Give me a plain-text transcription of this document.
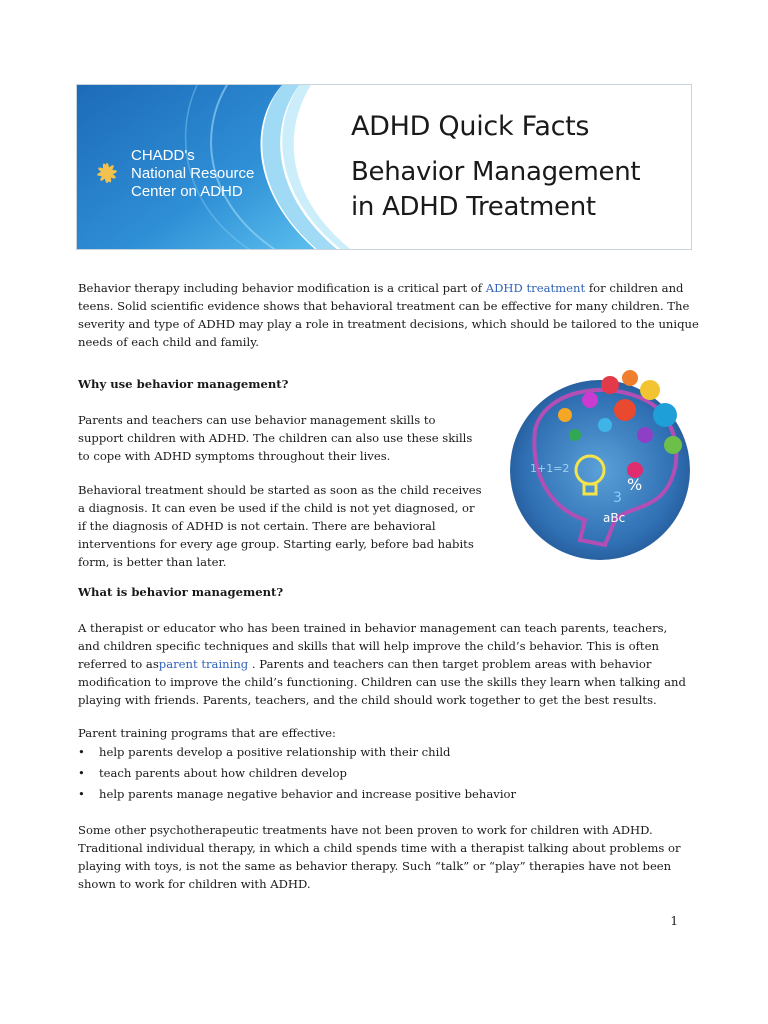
CHADD's
National Resource
Center on ADHD
ADHD Quick Facts
Behavior Management
in ADHD Treatment

Behavior therapy including behavior modification is a critical part of ADHD treatment for children and teens. Solid scientific evidence shows that behavioral treatment can be effective for many children. The severity and type of ADHD may play a role in treatment decisions, which should be tailored to the unique needs of each child and family.

Why use behavior management?

Parents and teachers can use behavior management skills to support children with ADHD. The children can also use these skills to cope with ADHD symptoms throughout their lives.

Behavioral treatment should be started as soon as the child receives a diagnosis. It can even be used if the child is not yet diagnosed, or if the diagnosis of ADHD is not certain. There are behavioral interventions for every age group. Starting early, before bad habits form, is better than later.

1+1=2
%
3
aBc

What is behavior management?

A therapist or educator who has been trained in behavior management can teach parents, teachers, and children specific techniques and skills that will help improve the child’s behavior. This is often referred to asparent training . Parents and teachers can then target problem areas with behavior modification to improve the child’s functioning. Children can use the skills they learn when talking and playing with friends. Parents, teachers, and the child should work together to get the best results.

Parent training programs that are effective:

• help parents develop a positive relationship with their child
• teach parents about how children develop
• help parents manage negative behavior and increase positive behavior

Some other psychotherapeutic treatments have not been proven to work for children with ADHD. Traditional individual therapy, in which a child spends time with a therapist talking about problems or playing with toys, is not the same as behavior therapy. Such “talk” or “play” therapies have not been shown to work for children with ADHD.

1
